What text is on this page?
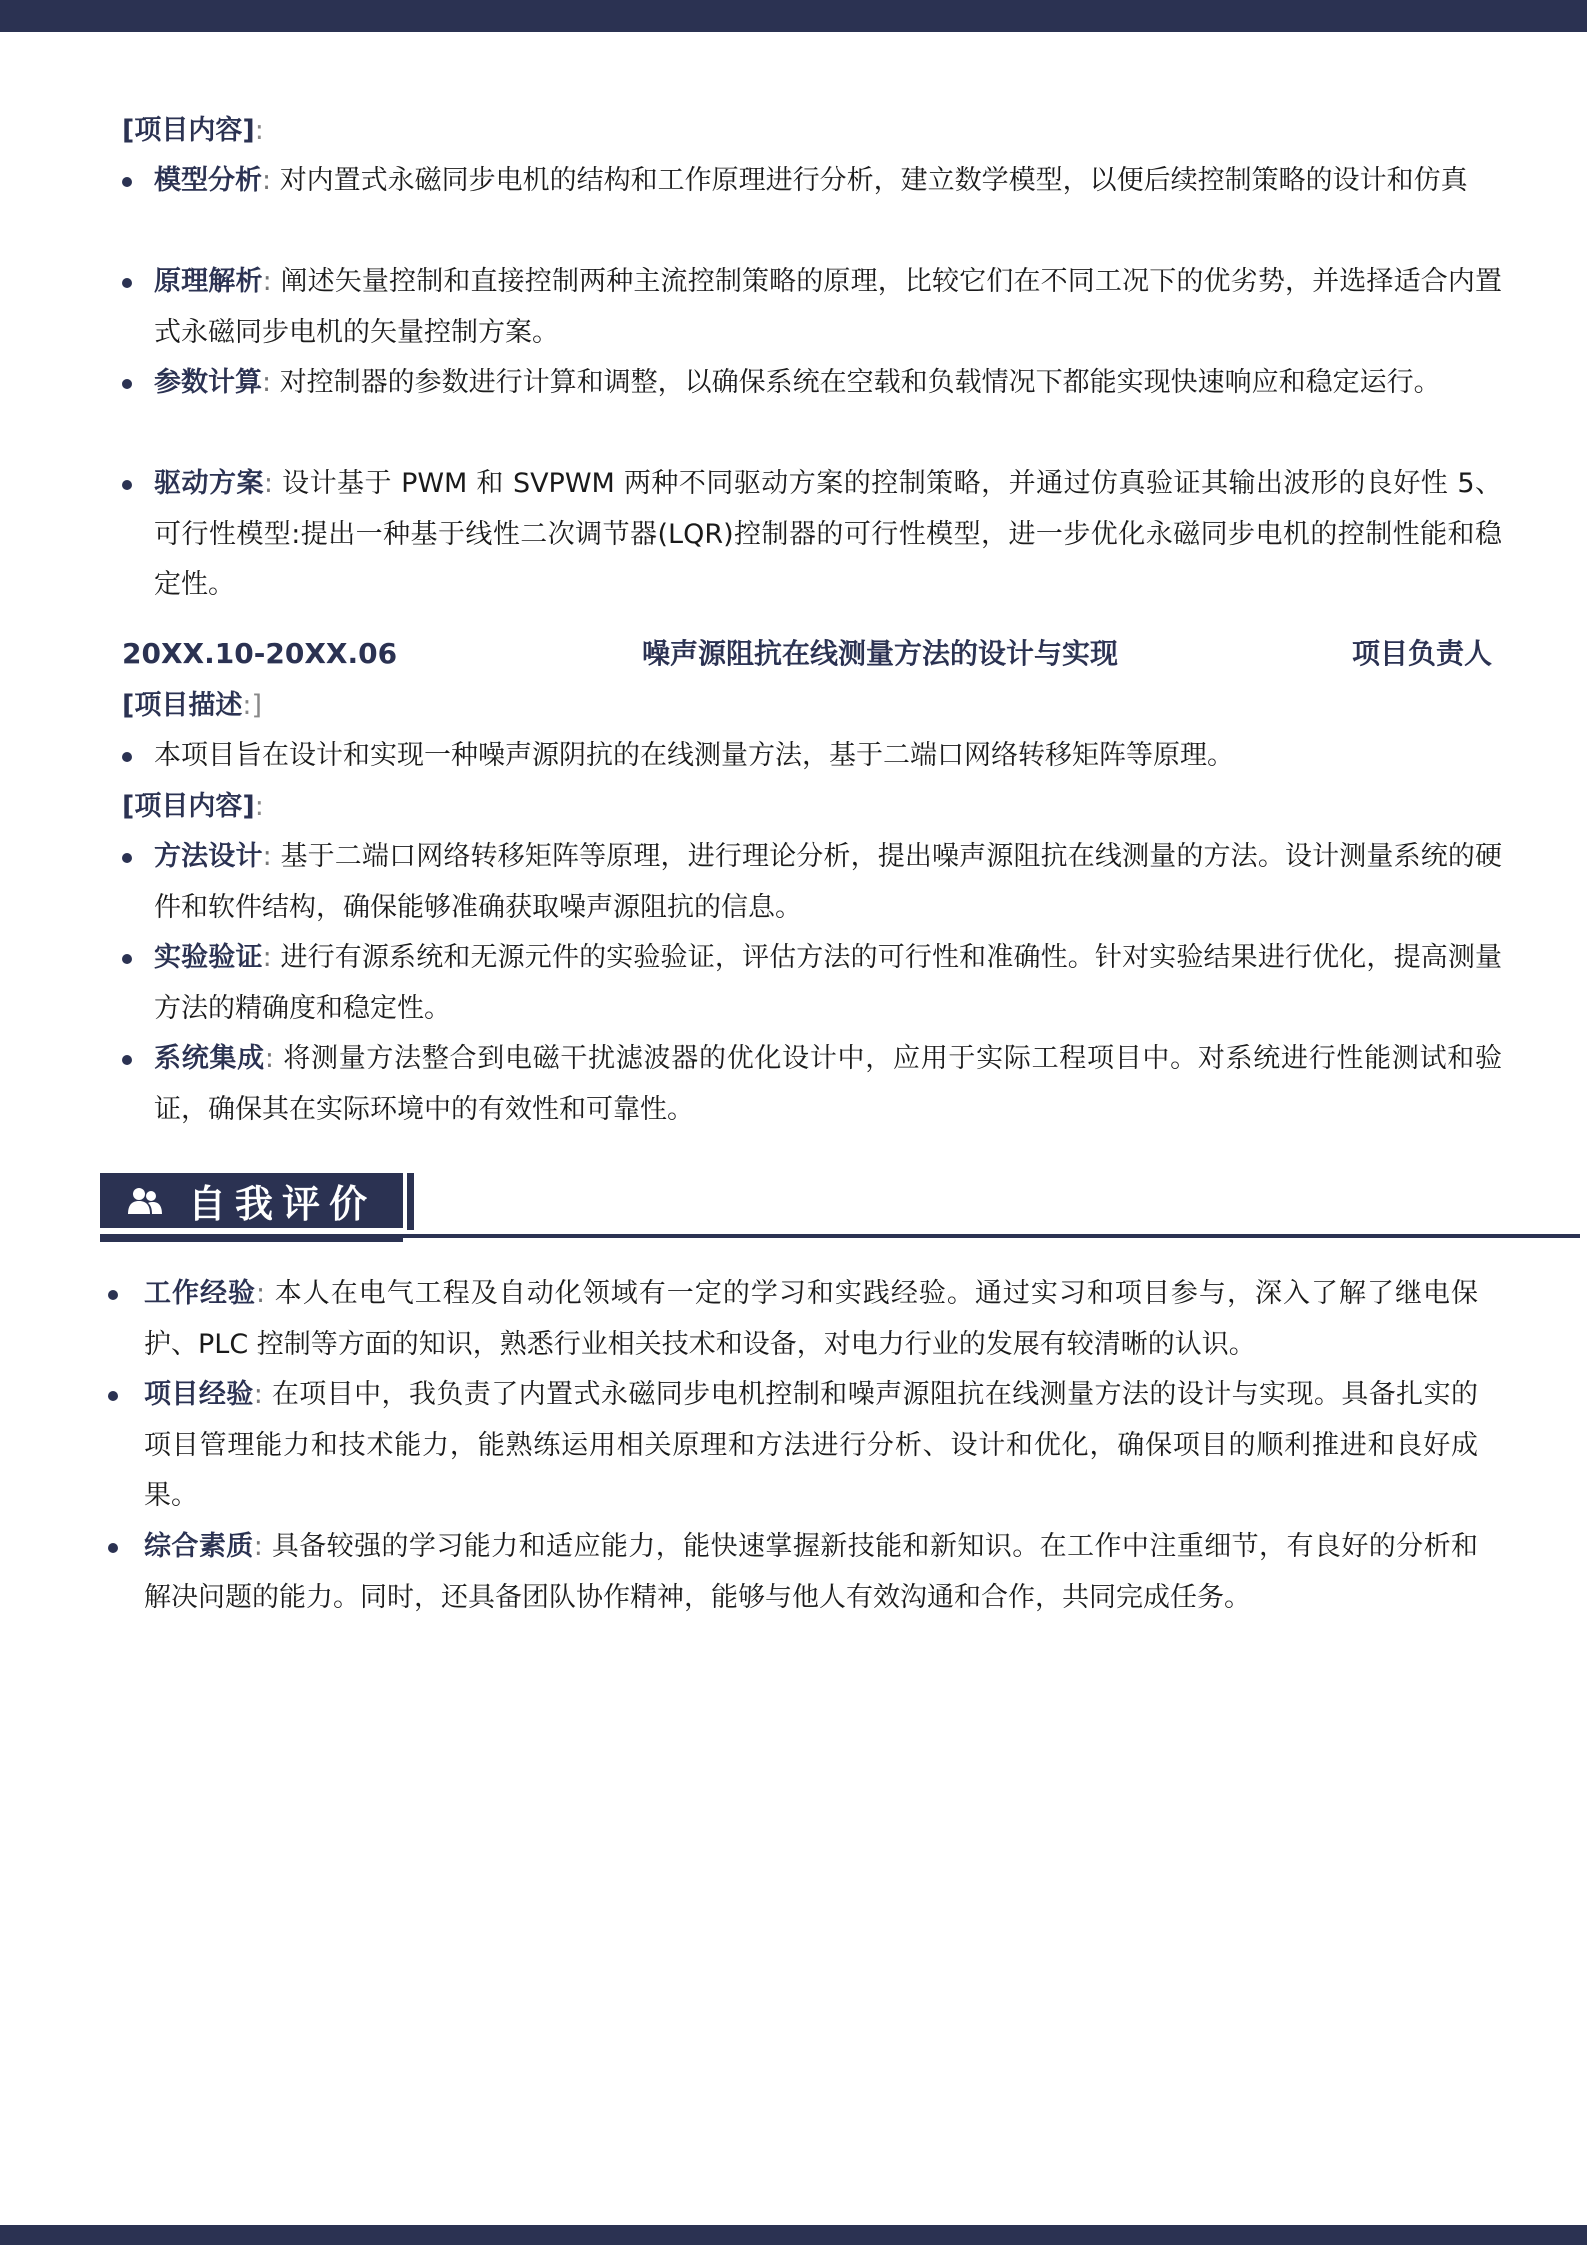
[项目内容]:
模型分析: 对内置式永磁同步电机的结构和工作原理进行分析，建立数学模型，以便后续控制策略的设计和仿真
原理解析: 阐述矢量控制和直接控制两种主流控制策略的原理，比较它们在不同工况下的优劣势，并选择适合内置式永磁同步电机的矢量控制方案。
参数计算: 对控制器的参数进行计算和调整，以确保系统在空载和负载情况下都能实现快速响应和稳定运行。
驱动方案: 设计基于 PWM 和 SVPWM 两种不同驱动方案的控制策略，并通过仿真验证其输出波形的良好性 5、可行性模型:提出一种基于线性二次调节器(LQR)控制器的可行性模型，进一步优化永磁同步电机的控制性能和稳定性。
20XX.10-20XX.06	噪声源阻抗在线测量方法的设计与实现	项目负责人
[项目描述:]
本项目旨在设计和实现一种噪声源阴抗的在线测量方法，基于二端口网络转移矩阵等原理。
[项目内容]:
方法设计: 基于二端口网络转移矩阵等原理，进行理论分析，提出噪声源阻抗在线测量的方法。设计测量系统的硬件和软件结构，确保能够准确获取噪声源阻抗的信息。
实验验证: 进行有源系统和无源元件的实验验证，评估方法的可行性和准确性。针对实验结果进行优化，提高测量方法的精确度和稳定性。
系统集成: 将测量方法整合到电磁干扰滤波器的优化设计中，应用于实际工程项目中。对系统进行性能测试和验证，确保其在实际环境中的有效性和可靠性。
自我评价
工作经验: 本人在电气工程及自动化领域有一定的学习和实践经验。通过实习和项目参与，深入了解了继电保护、PLC 控制等方面的知识，熟悉行业相关技术和设备，对电力行业的发展有较清晰的认识。
项目经验: 在项目中，我负责了内置式永磁同步电机控制和噪声源阻抗在线测量方法的设计与实现。具备扎实的项目管理能力和技术能力，能熟练运用相关原理和方法进行分析、设计和优化，确保项目的顺利推进和良好成果。
综合素质: 具备较强的学习能力和适应能力，能快速掌握新技能和新知识。在工作中注重细节，有良好的分析和解决问题的能力。同时，还具备团队协作精神，能够与他人有效沟通和合作，共同完成任务。
